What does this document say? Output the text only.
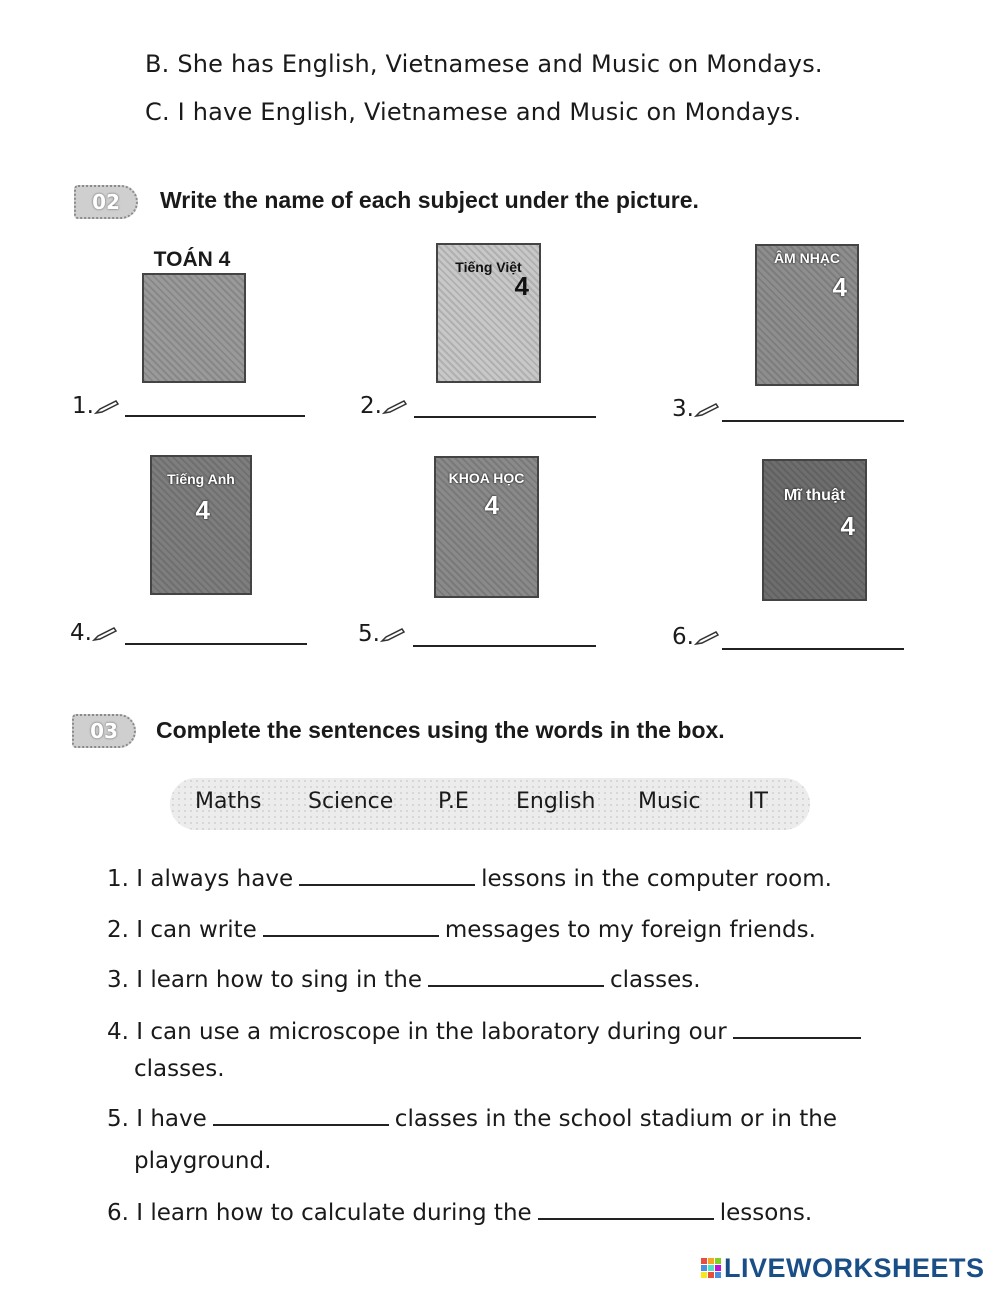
B. She has English, Vietnamese and Music on Mondays.
C. I have English, Vietnamese and Music on Mondays.
02	Write the name of each subject under the picture.
TOÁN 4	Tiếng Việt
4
ÂM NHẠC
4
1.	2.	3.
Tiếng Anh
4
KHOA HỌC
4	Mĩ thuật
4
4.	5.	6.
03	Complete the sentences using the words in the box.
Maths Science P.E English Music IT
1. I always have	lessons in the computer room.
2. I can write	messages to my foreign friends.
3. I learn how to sing in the	classes.
4. I can use a microscope in the laboratory during our
classes.
5. I have	classes in the school stadium or in the
playground.
6. I learn how to calculate during the	lessons.
LIVEWORKSHEETS
